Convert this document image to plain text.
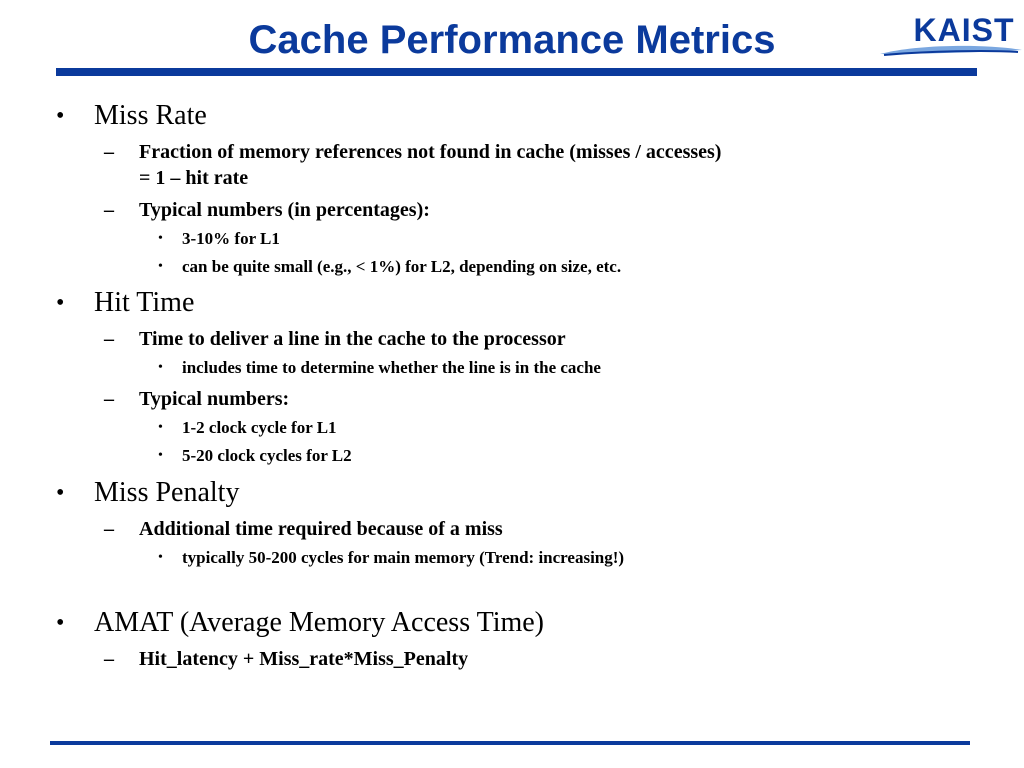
Cache Performance Metrics	KAIST
• Miss Rate
– Fraction of memory references not found in cache (misses / accesses)
= 1 – hit rate
– Typical numbers (in percentages):
• 3-10% for L1
• can be quite small (e.g., < 1%) for L2, depending on size, etc.
• Hit Time
– Time to deliver a line in the cache to the processor
• includes time to determine whether the line is in the cache
– Typical numbers:
• 1-2 clock cycle for L1
• 5-20 clock cycles for L2
• Miss Penalty
– Additional time required because of a miss
• typically 50-200 cycles for main memory (Trend: increasing!)
• AMAT (Average Memory Access Time)
– Hit_latency + Miss_rate*Miss_Penalty
